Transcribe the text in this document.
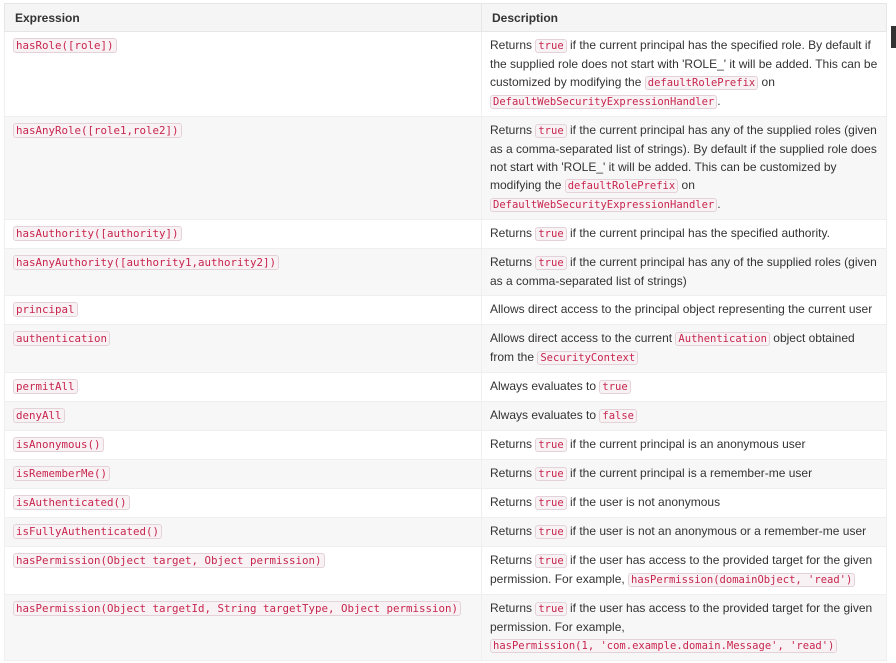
Expression	Description
hasRole([role])	Returns true if the current principal has the specified role. By default if the supplied role does not start with 'ROLE_' it will be added. This can be customized by modifying the defaultRolePrefix on DefaultWebSecurityExpressionHandler .
hasAnyRole([role1,role2])	Returns true if the current principal has any of the supplied roles (given as a comma-separated list of strings). By default if the supplied role does not start with 'ROLE_' it will be added. This can be customized by modifying the defaultRolePrefix on DefaultWebSecurityExpressionHandler .
hasAuthority([authority])	Returns true if the current principal has the specified authority.
hasAnyAuthority([authority1,authority2])	Returns true if the current principal has any of the supplied roles (given as a comma-separated list of strings)
principal	Allows direct access to the principal object representing the current user
authentication	Allows direct access to the current Authentication object obtained from the SecurityContext
permitAll	Always evaluates to true
denyAll	Always evaluates to false
isAnonymous()	Returns true if the current principal is an anonymous user
isRememberMe()	Returns true if the current principal is a remember-me user
isAuthenticated()	Returns true if the user is not anonymous
isFullyAuthenticated()	Returns true if the user is not an anonymous or a remember-me user
hasPermission(Object target, Object permission)	Returns true if the user has access to the provided target for the given permission. For example, hasPermission(domainObject, 'read')
hasPermission(Object targetId, String targetType, Object permission)	Returns true if the user has access to the provided target for the given permission. For example, hasPermission(1, 'com.example.domain.Message', 'read')
